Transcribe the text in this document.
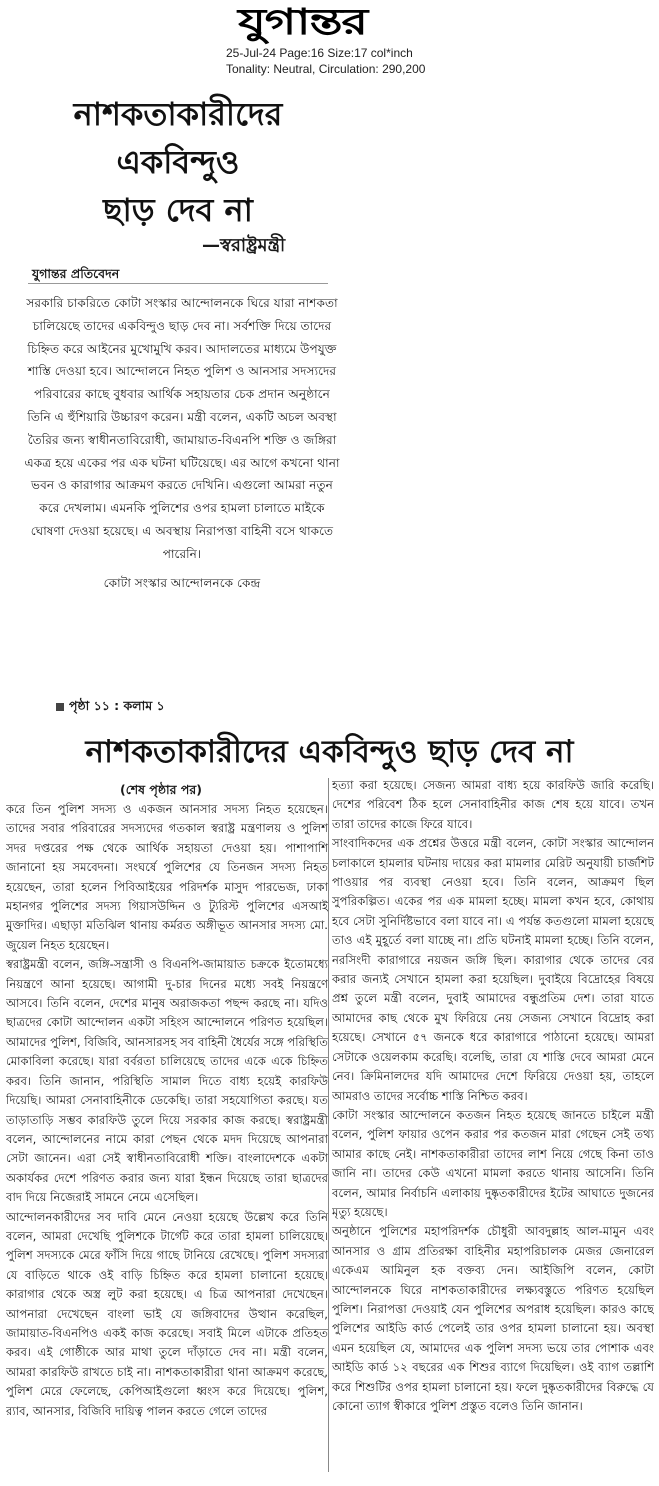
যুগান্তর
25-Jul-24 Page:16 Size:17 col*inch
Tonality: Neutral, Circulation: 290,200
নাশকতাকারীদের
একবিন্দুও
ছাড় দেব না
—স্বরাষ্ট্রমন্ত্রী
যুগান্তর প্রতিবেদন

সরকারি চাকরিতে কোটা সংস্কার আন্দোলনকে ঘিরে যারা নাশকতা চালিয়েছে তাদের একবিন্দুও ছাড় দেব না। সর্বশক্তি দিয়ে তাদের চিহ্নিত করে আইনের মুখোমুখি করব। আদালতের মাধ্যমে উপযুক্ত শাস্তি দেওয়া হবে। আন্দোলনে নিহত পুলিশ ও আনসার সদস্যদের পরিবারের কাছে বুধবার আর্থিক সহায়তার চেক প্রদান অনুষ্ঠানে তিনি এ হুঁশিয়ারি উচ্চারণ করেন। মন্ত্রী বলেন, একটি অচল অবস্থা তৈরির জন্য স্বাধীনতাবিরোধী, জামায়াত-বিএনপি শক্তি ও জঙ্গিরা একত্র হয়ে একের পর এক ঘটনা ঘটিয়েছে। এর আগে কখনো থানা ভবন ও কারাগার আক্রমণ করতে দেখিনি। এগুলো আমরা নতুন করে দেখলাম। এমনকি পুলিশের ওপর হামলা চালাতে মাইকে ঘোষণা দেওয়া হয়েছে। এ অবস্থায় নিরাপত্তা বাহিনী বসে থাকতে পারেনি।

কোটা সংস্কার আন্দোলনকে কেন্দ্র

পৃষ্ঠা ১১ : কলাম ১
নাশকতাকারীদের একবিন্দুও ছাড় দেব না
(শেষ পৃষ্ঠার পর)

করে তিন পুলিশ সদস্য ও একজন আনসার সদস্য নিহত হয়েছেন। তাদের সবার পরিবারের সদস্যদের গতকাল স্বরাষ্ট্র মন্ত্রণালয় ও পুলিশ সদর দপ্তরের পক্ষ থেকে আর্থিক সহায়তা দেওয়া হয়। পাশাপাশি জানানো হয় সমবেদনা। সংঘর্ষে পুলিশের যে তিনজন সদস্য নিহত হয়েছেন, তারা হলেন পিবিআইয়ের পরিদর্শক মাসুদ পারভেজ, ঢাকা মহানগর পুলিশের সদস্য গিয়াসউদ্দিন ও ট্যুরিস্ট পুলিশের এসআই মুক্তাদির। এছাড়া মতিঝিল থানায় কর্মরত অঙ্গীভূত আনসার সদস্য মো. জুয়েল নিহত হয়েছেন।

স্বরাষ্ট্রমন্ত্রী বলেন, জঙ্গি-সন্ত্রাসী ও বিএনপি-জামায়াত চক্রকে ইতোমধ্যে নিয়ন্ত্রণে আনা হয়েছে। আগামী দু-চার দিনের মধ্যে সবই নিয়ন্ত্রণে আসবে। তিনি বলেন, দেশের মানুষ অরাজকতা পছন্দ করছে না। যদিও ছাত্রদের কোটা আন্দোলন একটা সহিংস আন্দোলনে পরিণত হয়েছিল। আমাদের পুলিশ, বিজিবি, আনসারসহ সব বাহিনী ধৈর্যের সঙ্গে পরিস্থিতি মোকাবিলা করেছে। যারা বর্বরতা চালিয়েছে তাদের একে একে চিহ্নিত করব। তিনি জানান, পরিস্থিতি সামাল দিতে বাধ্য হয়েই কারফিউ দিয়েছি। আমরা সেনাবাহিনীকে ডেকেছি। তারা সহযোগিতা করছে। যত তাড়াতাড়ি সম্ভব কারফিউ তুলে দিয়ে সরকার কাজ করছে। স্বরাষ্ট্রমন্ত্রী বলেন, আন্দোলনের নামে কারা পেছন থেকে মদদ দিয়েছে আপনারা সেটা জানেন। এরা সেই স্বাধীনতাবিরোধী শক্তি। বাংলাদেশকে একটা অকার্যকর দেশে পরিণত করার জন্য যারা ইন্ধন দিয়েছে তারা ছাত্রদের বাদ দিয়ে নিজেরাই সামনে নেমে এসেছিল।

আন্দোলনকারীদের সব দাবি মেনে নেওয়া হয়েছে উল্লেখ করে তিনি বলেন, আমরা দেখেছি পুলিশকে টার্গেট করে তারা হামলা চালিয়েছে। পুলিশ সদস্যকে মেরে ফাঁসি দিয়ে গাছে টানিয়ে রেখেছে। পুলিশ সদস্যরা যে বাড়িতে থাকে ওই বাড়ি চিহ্নিত করে হামলা চালানো হয়েছে। কারাগার থেকে অস্ত্র লুট করা হয়েছে। এ চিত্র আপনারা দেখেছেন। আপনারা দেখেছেন বাংলা ভাই যে জঙ্গিবাদের উত্থান করেছিল, জামায়াত-বিএনপিও একই কাজ করেছে। সবাই মিলে এটাকে প্রতিহত করব। এই গোষ্ঠীকে আর মাথা তুলে দাঁড়াতে দেব না। মন্ত্রী বলেন, আমরা কারফিউ রাখতে চাই না। নাশকতাকারীরা থানা আক্রমণ করেছে, পুলিশ মেরে ফেলেছে, কেপিআইগুলো ধ্বংস করে দিয়েছে। পুলিশ, র‍্যাব, আনসার, বিজিবি দায়িত্ব পালন করতে গেলে তাদের

হত্যা করা হয়েছে। সেজন্য আমরা বাধ্য হয়ে কারফিউ জারি করেছি। দেশের পরিবেশ ঠিক হলে সেনাবাহিনীর কাজ শেষ হয়ে যাবে। তখন তারা তাদের কাজে ফিরে যাবে।

সাংবাদিকদের এক প্রশ্নের উত্তরে মন্ত্রী বলেন, কোটা সংস্কার আন্দোলন চলাকালে হামলার ঘটনায় দায়ের করা মামলার মেরিট অনুযায়ী চার্জশিট পাওয়ার পর ব্যবস্থা নেওয়া হবে। তিনি বলেন, আক্রমণ ছিল সুপরিকল্পিত। একের পর এক মামলা হচ্ছে। মামলা কখন হবে, কোথায় হবে সেটা সুনির্দিষ্টভাবে বলা যাবে না। এ পর্যন্ত কতগুলো মামলা হয়েছে তাও এই মুহূর্তে বলা যাচ্ছে না। প্রতি ঘটনাই মামলা হচ্ছে। তিনি বলেন, নরসিংদী কারাগারে নয়জন জঙ্গি ছিল। কারাগার থেকে তাদের বের করার জন্যই সেখানে হামলা করা হয়েছিল। দুবাইয়ে বিদ্রোহের বিষয়ে প্রশ্ন তুলে মন্ত্রী বলেন, দুবাই আমাদের বন্ধুপ্রতিম দেশ। তারা যাতে আমাদের কাছ থেকে মুখ ফিরিয়ে নেয় সেজন্য সেখানে বিদ্রোহ করা হয়েছে। সেখানে ৫৭ জনকে ধরে কারাগারে পাঠানো হয়েছে। আমরা সেটাকে ওয়েলকাম করেছি। বলেছি, তারা যে শাস্তি দেবে আমরা মেনে নেব। ক্রিমিনালদের যদি আমাদের দেশে ফিরিয়ে দেওয়া হয়, তাহলে আমরাও তাদের সর্বোচ্চ শাস্তি নিশ্চিত করব।

কোটা সংস্কার আন্দোলনে কতজন নিহত হয়েছে জানতে চাইলে মন্ত্রী বলেন, পুলিশ ফায়ার ওপেন করার পর কতজন মারা গেছেন সেই তথ্য আমার কাছে নেই। নাশকতাকারীরা তাদের লাশ নিয়ে গেছে কিনা তাও জানি না। তাদের কেউ এখনো মামলা করতে থানায় আসেনি। তিনি বলেন, আমার নির্বাচনি এলাকায় দুষ্কৃতকারীদের ইটের আঘাতে দুজনের মৃত্যু হয়েছে।

অনুষ্ঠানে পুলিশের মহাপরিদর্শক চৌধুরী আবদুল্লাহ আল-মামুন এবং আনসার ও গ্রাম প্রতিরক্ষা বাহিনীর মহাপরিচালক মেজর জেনারেল একেএম আমিনুল হক বক্তব্য দেন। আইজিপি বলেন, কোটা আন্দোলনকে ঘিরে নাশকতাকারীদের লক্ষ্যবস্তুতে পরিণত হয়েছিল পুলিশ। নিরাপত্তা দেওয়াই যেন পুলিশের অপরাধ হয়েছিল। কারও কাছে পুলিশের আইডি কার্ড পেলেই তার ওপর হামলা চালানো হয়। অবস্থা এমন হয়েছিল যে, আমাদের এক পুলিশ সদস্য ভয়ে তার পোশাক এবং আইডি কার্ড ১২ বছরের এক শিশুর ব্যাগে দিয়েছিল। ওই ব্যাগ তল্লাশি করে শিশুটির ওপর হামলা চালানো হয়। ফলে দুষ্কৃতকারীদের বিরুদ্ধে যে কোনো ত্যাগ স্বীকারে পুলিশ প্রস্তুত বলেও তিনি জানান।
